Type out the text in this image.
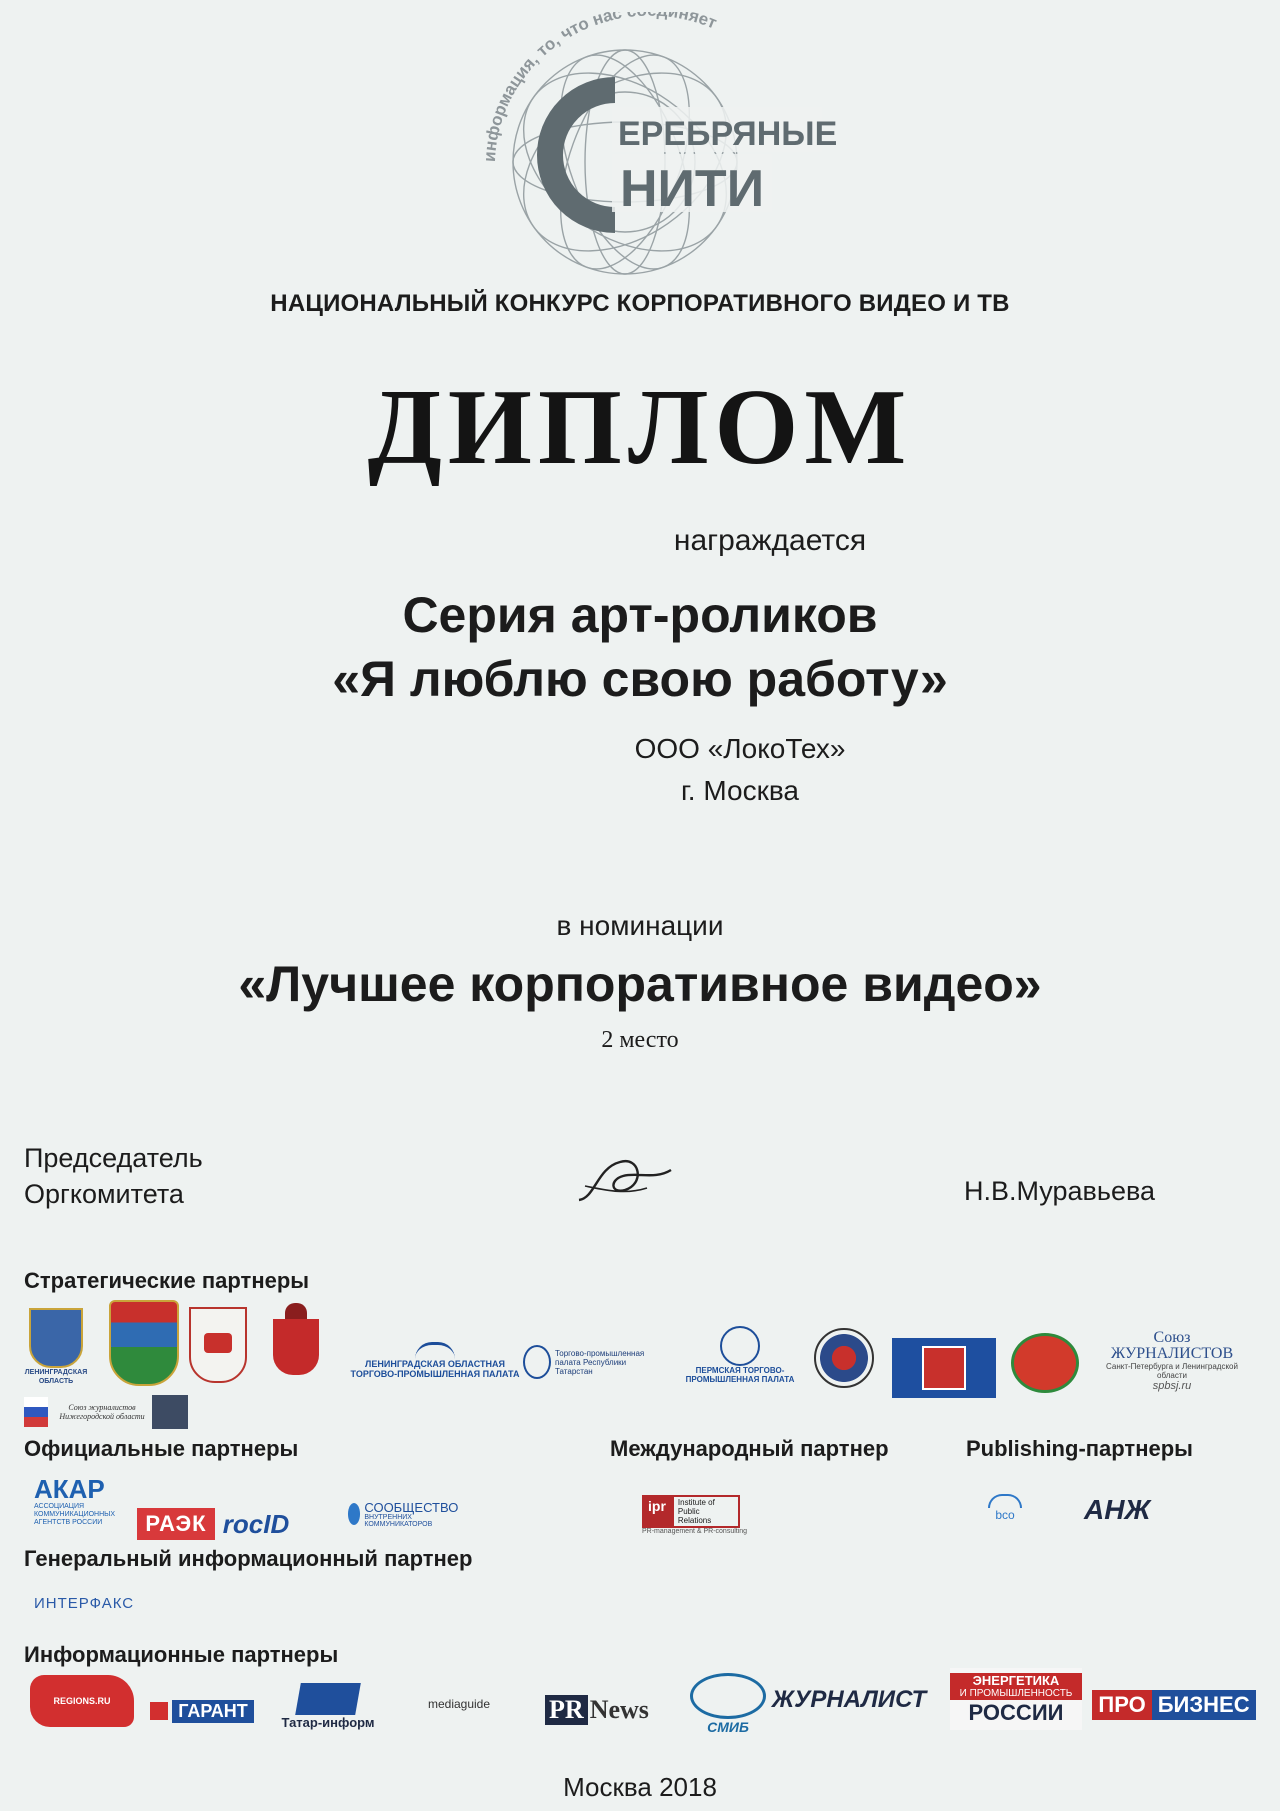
информация, то, что нас няет
ЕРЕБРЯНЫЕ
НИТИ
НАЦИОНАЛЬНЫЙ КОНКУРС КОРПОРАТИВНОГО ВИДЕО И ТВ
ДИПЛОМ
награждается
Серия арт-роликов
«Я люблю свою работу»
ООО «ЛокоТех»
г. Москва
в номинации
«Лучшее корпоративное видео»
2 место
Председатель
Оргкомитета	Н.В.Муравьева
Стратегические партнеры
ЛЕНИНГРАДСКАЯ ОБЛАСТЬ
Союз журналистов Нижегородской области
ЛЕНИНГРАДСКАЯ ОБЛАСТНАЯ ТОРГОВО-ПРОМЫШЛЕННАЯ ПАЛАТА
Торгово-промышленная палата Республики Татарстан	ПЕРМСКАЯ ТОРГОВО-ПРОМЫШЛЕННАЯ ПАЛАТА
Союз ЖУРНАЛИСТОВ
Санкт-Петербурга и Ленинградской области
spbsj.ru
Официальные партнеры	Международный партнер	Publishing-партнеры
АКАР
АССОЦИАЦИЯ КОММУНИКАЦИОННЫХ АГЕНТСТВ РОССИИ	РАЭК rocID
СООБЩЕСТВО
ВНУТРЕННИХ КОММУНИКАТОРОВ
ipr	Institute of Public Relations
PR-management & PR-consulting
bco АНЖ
Генеральный информационный партнер
ИНТЕРФАКС
Информационные партнеры
REGIONS.RU	ГАРАНТ
Татар-информ
mediaguide PR News
СМИБ
ЖУРНАЛИСТ
ЭНЕРГЕТИКА
И ПРОМЫШЛЕННОСТЬ
РОССИИ ПРО БИЗНЕС
Москва 2018
